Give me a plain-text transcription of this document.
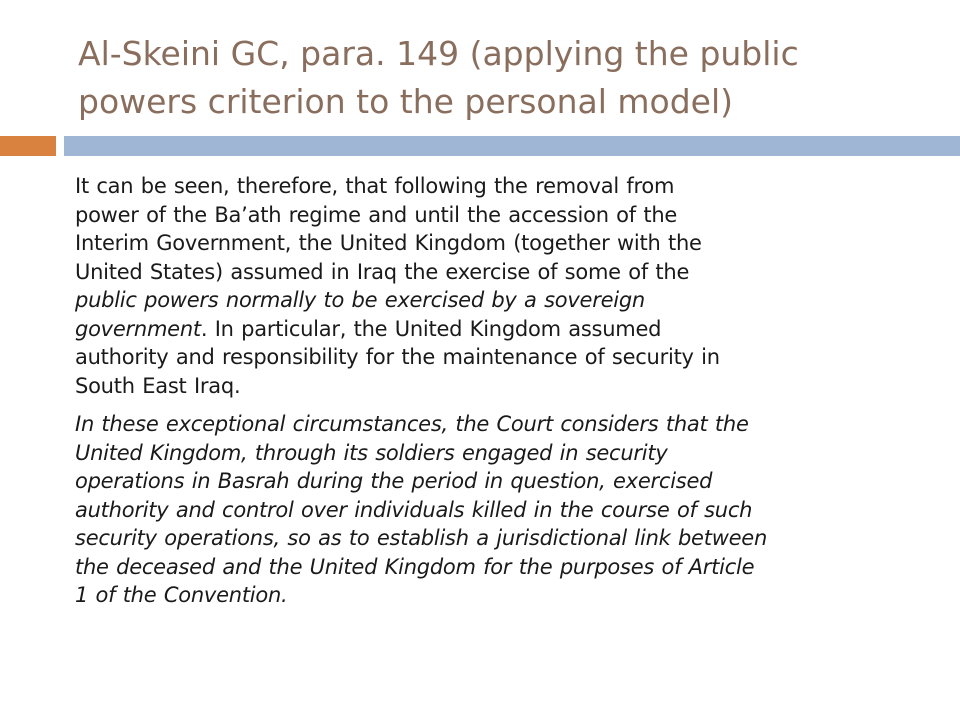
Al-Skeini GC, para. 149 (applying the public
powers criterion to the personal model)

It can be seen, therefore, that following the removal from
power of the Ba’ath regime and until the accession of the
Interim Government, the United Kingdom (together with the
United States) assumed in Iraq the exercise of some of the
public powers normally to be exercised by a sovereign
government. In particular, the United Kingdom assumed
authority and responsibility for the maintenance of security in
South East Iraq.

In these exceptional circumstances, the Court considers that the
United Kingdom, through its soldiers engaged in security
operations in Basrah during the period in question, exercised
authority and control over individuals killed in the course of such
security operations, so as to establish a jurisdictional link between
the deceased and the United Kingdom for the purposes of Article
1 of the Convention.
